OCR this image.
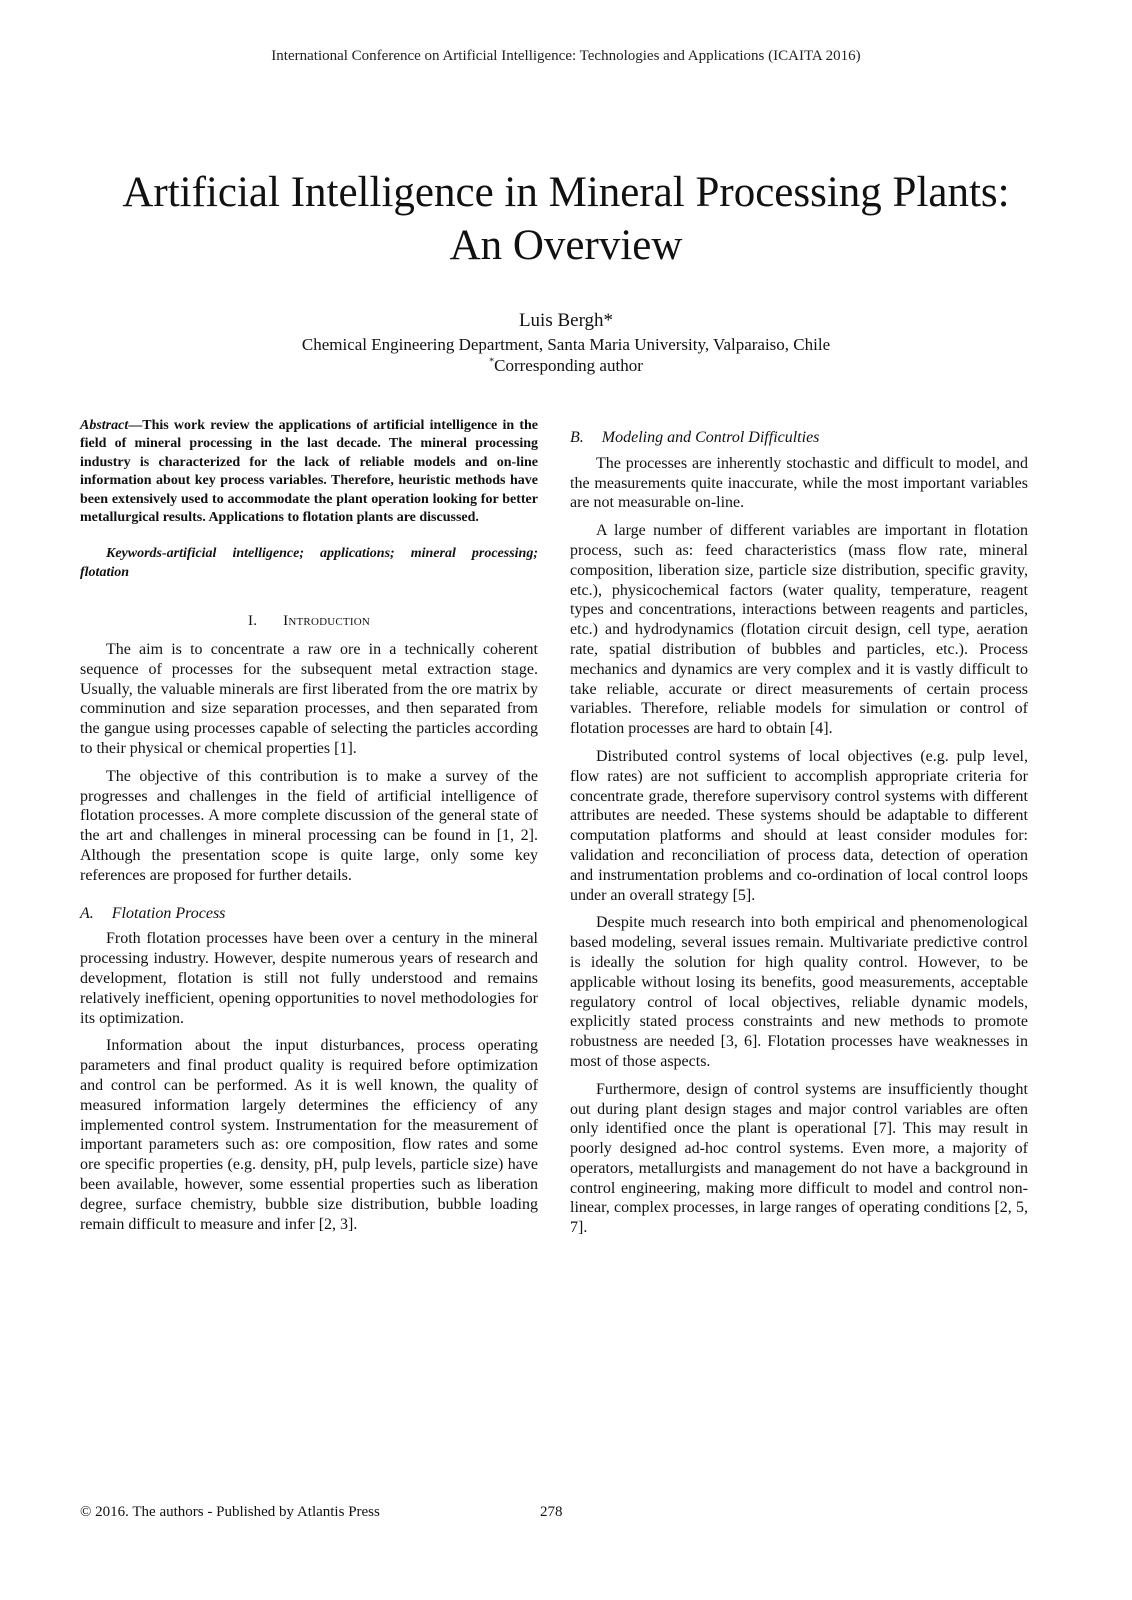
International Conference on Artificial Intelligence: Technologies and Applications (ICAITA 2016)
Artificial Intelligence in Mineral Processing Plants:
An Overview
Luis Bergh*
Chemical Engineering Department, Santa Maria University, Valparaiso, Chile
*Corresponding author

Abstract—This work review the applications of artificial intelligence in the field of mineral processing in the last decade. The mineral processing industry is characterized for the lack of reliable models and on-line information about key process variables. Therefore, heuristic methods have been extensively used to accommodate the plant operation looking for better metallurgical results. Applications to flotation plants are discussed.

Keywords-artificial intelligence; applications; mineral processing; flotation

I. Introduction

The aim is to concentrate a raw ore in a technically coherent sequence of processes for the subsequent metal extraction stage. Usually, the valuable minerals are first liberated from the ore matrix by comminution and size separation processes, and then separated from the gangue using processes capable of selecting the particles according to their physical or chemical properties [1].

The objective of this contribution is to make a survey of the progresses and challenges in the field of artificial intelligence of flotation processes. A more complete discussion of the general state of the art and challenges in mineral processing can be found in [1, 2]. Although the presentation scope is quite large, only some key references are proposed for further details.

A. Flotation Process

Froth flotation processes have been over a century in the mineral processing industry. However, despite numerous years of research and development, flotation is still not fully understood and remains relatively inefficient, opening opportunities to novel methodologies for its optimization.

Information about the input disturbances, process operating parameters and final product quality is required before optimization and control can be performed. As it is well known, the quality of measured information largely determines the efficiency of any implemented control system. Instrumentation for the measurement of important parameters such as: ore composition, flow rates and some ore specific properties (e.g. density, pH, pulp levels, particle size) have been available, however, some essential properties such as liberation degree, surface chemistry, bubble size distribution, bubble loading remain difficult to measure and infer [2, 3].

B. Modeling and Control Difficulties

The processes are inherently stochastic and difficult to model, and the measurements quite inaccurate, while the most important variables are not measurable on-line.

A large number of different variables are important in flotation process, such as: feed characteristics (mass flow rate, mineral composition, liberation size, particle size distribution, specific gravity, etc.), physicochemical factors (water quality, temperature, reagent types and concentrations, interactions between reagents and particles, etc.) and hydrodynamics (flotation circuit design, cell type, aeration rate, spatial distribution of bubbles and particles, etc.). Process mechanics and dynamics are very complex and it is vastly difficult to take reliable, accurate or direct measurements of certain process variables. Therefore, reliable models for simulation or control of flotation processes are hard to obtain [4].

Distributed control systems of local objectives (e.g. pulp level, flow rates) are not sufficient to accomplish appropriate criteria for concentrate grade, therefore supervisory control systems with different attributes are needed. These systems should be adaptable to different computation platforms and should at least consider modules for: validation and reconciliation of process data, detection of operation and instrumentation problems and co-ordination of local control loops under an overall strategy [5].

Despite much research into both empirical and phenomenological based modeling, several issues remain. Multivariate predictive control is ideally the solution for high quality control. However, to be applicable without losing its benefits, good measurements, acceptable regulatory control of local objectives, reliable dynamic models, explicitly stated process constraints and new methods to promote robustness are needed [3, 6]. Flotation processes have weaknesses in most of those aspects.

Furthermore, design of control systems are insufficiently thought out during plant design stages and major control variables are often only identified once the plant is operational [7]. This may result in poorly designed ad-hoc control systems. Even more, a majority of operators, metallurgists and management do not have a background in control engineering, making more difficult to model and control non-linear, complex processes, in large ranges of operating conditions [2, 5, 7].

© 2016. The authors - Published by Atlantis Press	278
